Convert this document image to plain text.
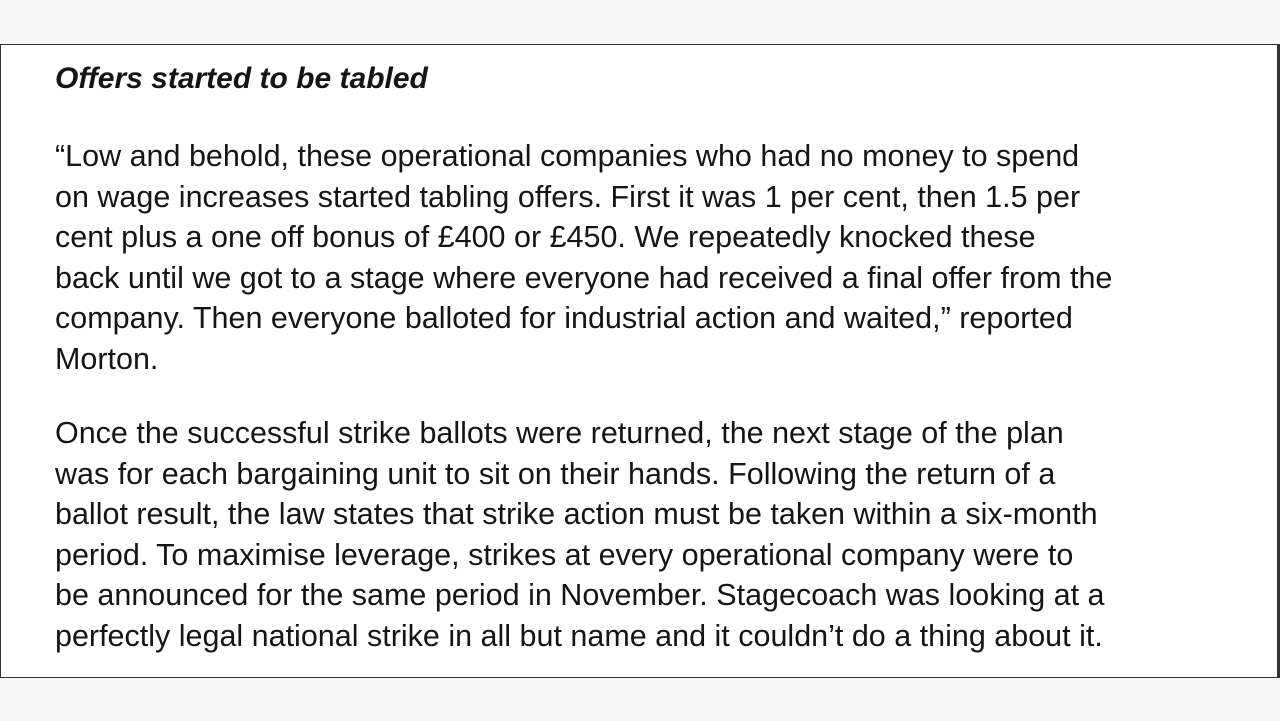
Offers started to be tabled

“Low and behold, these operational companies who had no money to spend
on wage increases started tabling offers. First it was 1 per cent, then 1.5 per
cent plus a one off bonus of £400 or £450. We repeatedly knocked these
back until we got to a stage where everyone had received a final offer from the
company. Then everyone balloted for industrial action and waited,” reported
Morton.

Once the successful strike ballots were returned, the next stage of the plan
was for each bargaining unit to sit on their hands. Following the return of a
ballot result, the law states that strike action must be taken within a six-month
period. To maximise leverage, strikes at every operational company were to
be announced for the same period in November. Stagecoach was looking at a
perfectly legal national strike in all but name and it couldn’t do a thing about it.
